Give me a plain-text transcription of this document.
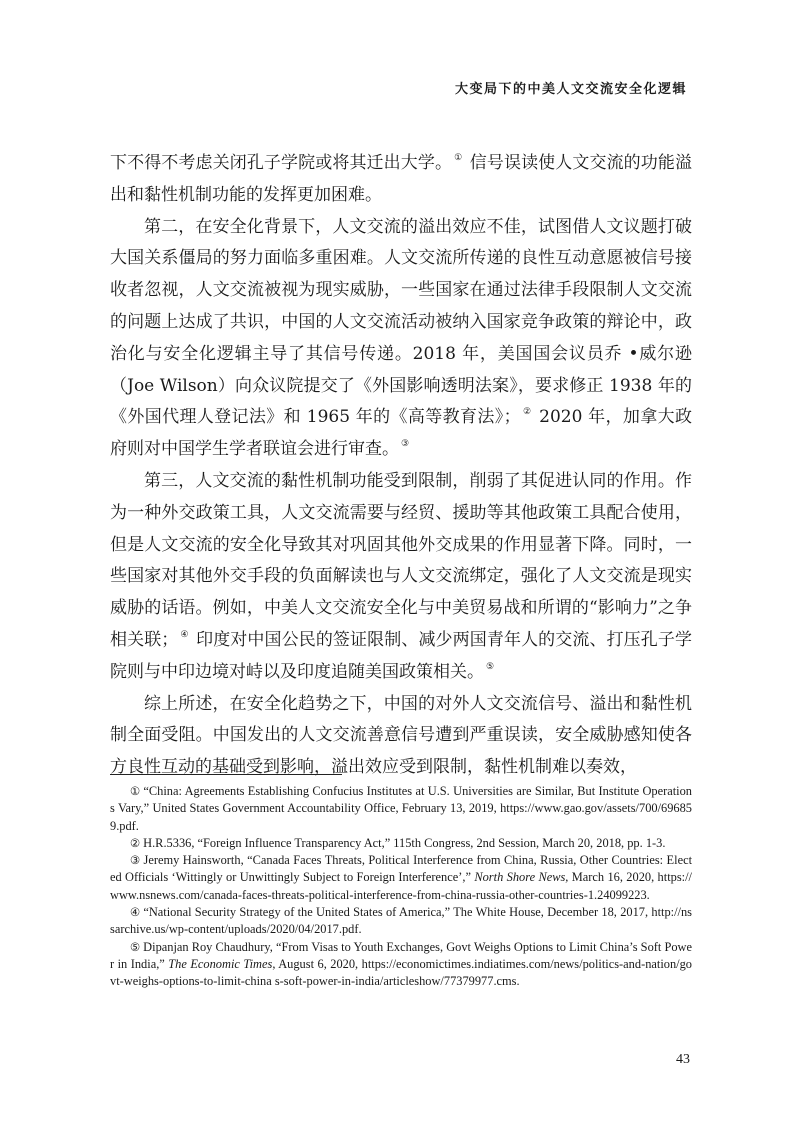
大变局下的中美人文交流安全化逻辑

下不得不考虑关闭孔子学院或将其迁出大学。 ① 信号误读使人文交流的功能溢出和黏性机制功能的发挥更加困难。

第二，在安全化背景下，人文交流的溢出效应不佳，试图借人文议题打破大国关系僵局的努力面临多重困难。人文交流所传递的良性互动意愿被信号接收者忽视，人文交流被视为现实威胁，一些国家在通过法律手段限制人文交流的问题上达成了共识，中国的人文交流活动被纳入国家竞争政策的辩论中，政治化与安全化逻辑主导了其信号传递。2018 年，美国国会议员乔 •威尔逊（Joe Wilson）向众议院提交了《外国影响透明法案》，要求修正 1938 年的《外国代理人登记法》和 1965 年的《高等教育法》； ② 2020 年，加拿大政府则对中国学生学者联谊会进行审查。 ③

第三，人文交流的黏性机制功能受到限制，削弱了其促进认同的作用。作为一种外交政策工具，人文交流需要与经贸、援助等其他政策工具配合使用，但是人文交流的安全化导致其对巩固其他外交成果的作用显著下降。同时，一些国家对其他外交手段的负面解读也与人文交流绑定，强化了人文交流是现实威胁的话语。例如，中美人文交流安全化与中美贸易战和所谓的“影响力”之争相关联； ④ 印度对中国公民的签证限制、减少两国青年人的交流、打压孔子学院则与中印边境对峙以及印度追随美国政策相关。 ⑤

综上所述，在安全化趋势之下，中国的对外人文交流信号、溢出和黏性机制全面受阻。中国发出的人文交流善意信号遭到严重误读，安全威胁感知使各方良性互动的基础受到影响，溢出效应受到限制，黏性机制难以奏效，

① “China: Agreements Establishing Confucius Institutes at U.S. Universities are Similar, But Institute Operations Vary,” United States Government Accountability Office, February 13, 2019, https://www.gao.gov/assets/700/696859.pdf.

② H.R.5336, “Foreign Influence Transparency Act,” 115th Congress, 2nd Session, March 20, 2018, pp. 1-3.

③ Jeremy Hainsworth, “Canada Faces Threats, Political Interference from China, Russia, Other Countries: Elected Officials ‘Wittingly or Unwittingly Subject to Foreign Interference’,” North Shore News, March 16, 2020, https://www.nsnews.com/canada-faces-threats-political-interference-from-china-russia-other-countries-1.24099223.

④ “National Security Strategy of the United States of America,” The White House, December 18, 2017, http://nssarchive.us/wp-content/uploads/2020/04/2017.pdf.

⑤ Dipanjan Roy Chaudhury, “From Visas to Youth Exchanges, Govt Weighs Options to Limit China’s Soft Power in India,” The Economic Times, August 6, 2020, https://economictimes.indiatimes.com/news/politics-and-nation/govt-weighs-options-to-limit-china s-soft-power-in-india/articleshow/77379977.cms.

43
